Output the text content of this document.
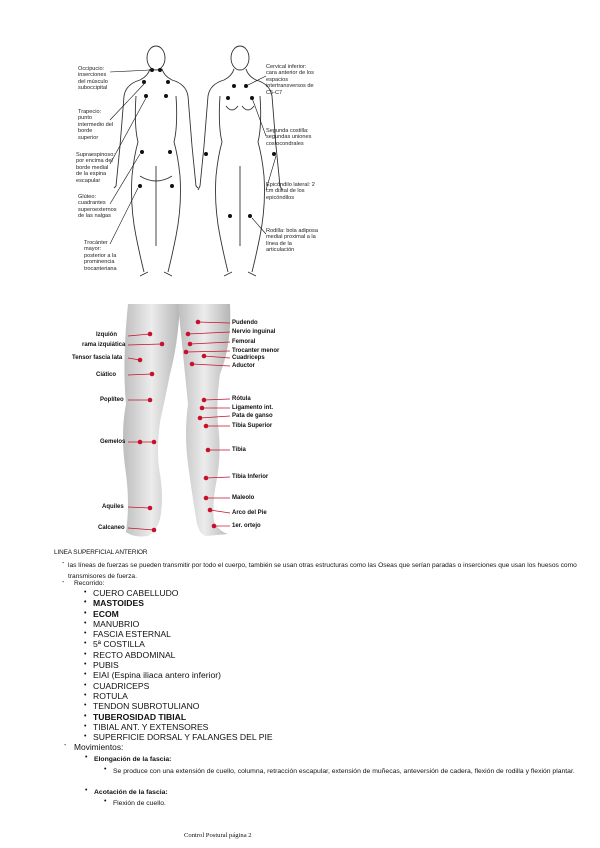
Occipucio: inserciones del músculo suboccipital
Trapecio: punto intermedio del borde superior
Supraespinoso: por encima del borde medial de la espina escapular
Glúteo: cuadrantes superoexternos de las nalgas
Trocánter mayor: posterior a la prominencia trocanteriana
Cervical inferior: cara anterior de los espacios intertransversos de C5-C7
Segunda costilla: segundas uniones costocondrales
Epicóndilo lateral: 2 cm distal de los epicóndilos
Rodilla: bola adiposa medial proximal a la línea de la articulación
Izquión
rama izquiática
Tensor fascia lata
Ciático
Poplíteo
Gemelos
Aquiles
Calcaneo
Pudendo
Nervio inguinal
Femoral
Trocanter menor
Cuadriceps
Aductor
Rótula
Ligamento int.
Pata de ganso
Tibia Superior
Tibia
Tibia Inferior
Maleolo
Arco del Pie
1er. ortejo
LINEA SUPERFICIAL ANTERIOR
- las líneas de fuerzas se pueden transmitir por todo el cuerpo, también se usan otras estructuras como las Oseas que serían paradas o inserciones que usan los huesos como transmisores de fuerza.
- Recorrido:
• CUERO CABELLUDO
• MASTOIDES
• ECOM
• MANUBRIO
• FASCIA ESTERNAL
• 5ª COSTILLA
• RECTO ABDOMINAL
• PUBIS
• EIAI (Espina iliaca antero inferior)
• CUADRICEPS
• ROTULA
• TENDON SUBROTULIANO
• TUBEROSIDAD TIBIAL
• TIBIAL ANT. Y EXTENSORES
• SUPERFICIE DORSAL Y FALANGES DEL PIE
- Movimientos:
• Elongación de la fascia:
• Se produce con una extensión de cuello, columna, retracción escapular, extensión de muñecas, anteversión de cadera, flexión de rodilla y flexión plantar.
• Acotación de la fascia:
• Flexión de cuello.
Control Postural página 2
